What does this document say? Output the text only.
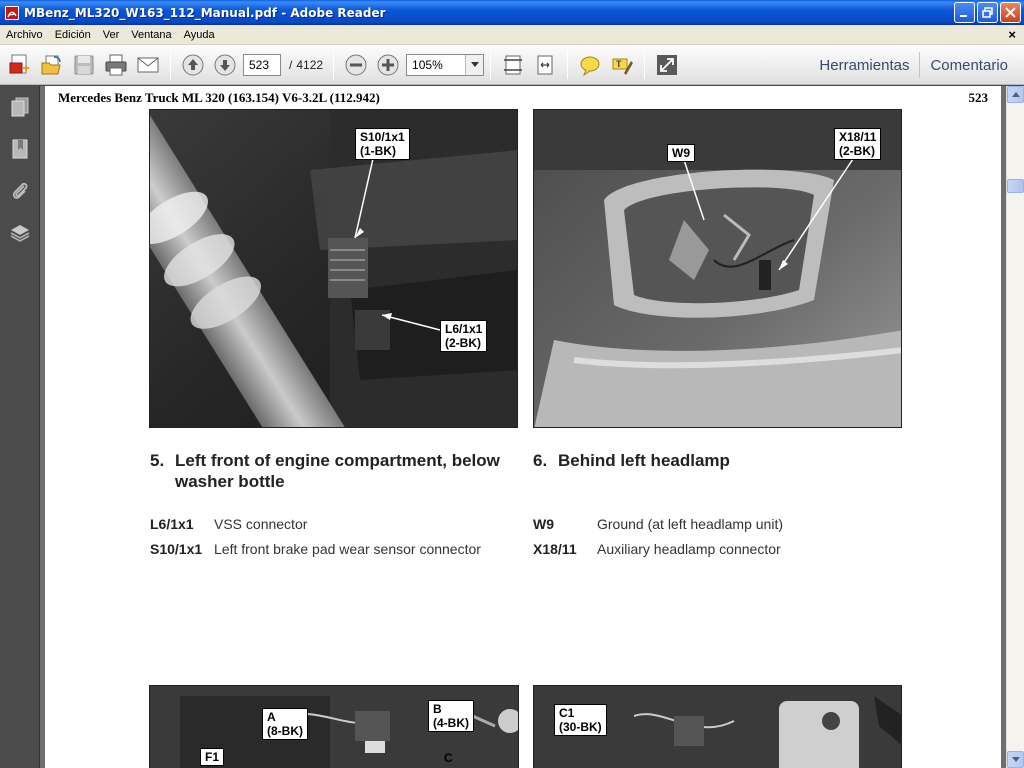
MBenz_ML320_W163_112_Manual.pdf - Adobe Reader
Archivo	Edición	Ver	Ventana	Ayuda	×
523	/ 4122	105%	T	Herramientas	Comentario
Mercedes Benz Truck ML 320 (163.154) V6-3.2L (112.942)	523
S10/1x1
(1-BK)
L6/1x1
(2-BK)
W9
X18/11
(2-BK)
5. Left front of engine compartment, below
washer bottle
6. Behind left headlamp
L6/1x1	VSS connector
S10/1x1 Left front brake pad wear sensor connector
W9	Ground (at left headlamp unit)
X18/11	Auxiliary headlamp connector
A
(8-BK)
B
(4-BK)
F1	C
C1
(30-BK)
